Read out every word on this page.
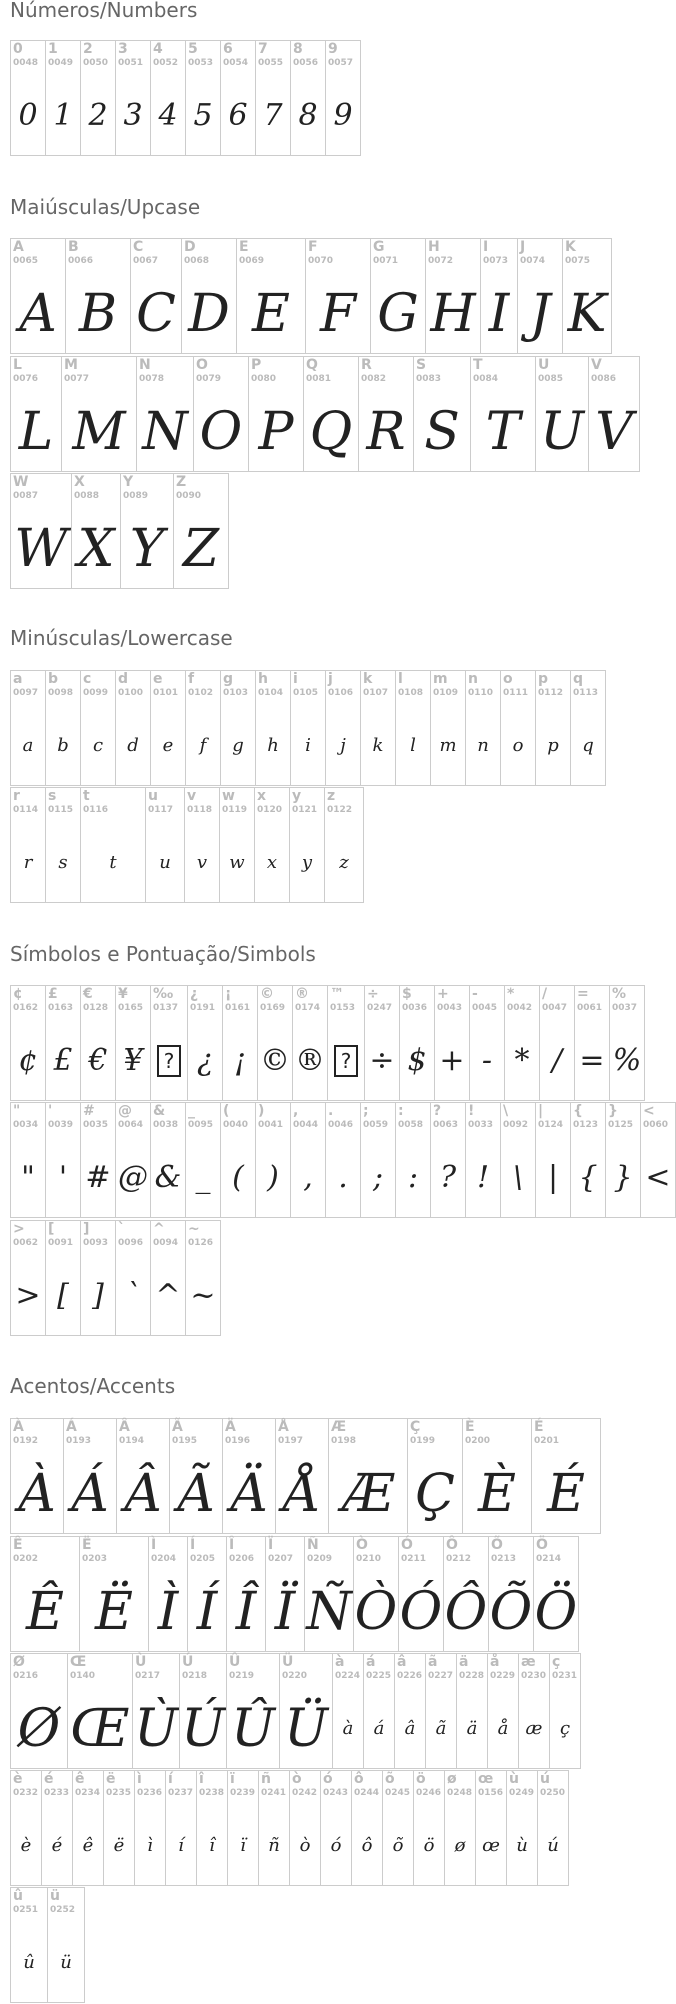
Números/Numbers
0
0048
0
1
0049
1
2
0050
2
3
0051
3
4
0052
4
5
0053
5
6
0054
6
7
0055
7
8
0056
8
9
0057
9
Maiúsculas/Upcase
A
0065
A
B
0066
B
C
0067
C
D
0068
D
E
0069
E
F
0070
F
G
0071
G
H
0072
H
I
0073
I
J
0074
J
K
0075
K
L
0076
L
M
0077
M
N
0078
N
O
0079
O
P
0080
P
Q
0081
Q
R
0082
R
S
0083
S
T
0084
T
U
0085
U
V
0086
V
W
0087
W
X
0088
X
Y
0089
Y
Z
0090
Z
Minúsculas/Lowercase
a
0097
a
b
0098
b
c
0099
c
d
0100
d
e
0101
e
f
0102
f
g
0103
g
h
0104
h
i
0105
i
j
0106
j
k
0107
k
l
0108
l
m
0109
m
n
0110
n
o
0111
o
p
0112
p
q
0113
q
r
0114
r
s
0115
s
t
0116
t
u
0117
u
v
0118
v
w
0119
w
x
0120
x
y
0121
y
z
0122
z
Símbolos e Pontuação/Simbols
¢
0162
¢
£
0163
£
€
0128
€
¥
0165
¥
‰
0137
?
¿
0191
¿
¡
0161
¡
©
0169
©
®
0174
®
™
0153
?
÷
0247
÷
$
0036
$
+
0043
+
-
0045
-
*
0042
*
/
0047
/
=
0061
=
%
0037
%
"
0034
"
'
0039
'
#
0035
#
@
0064
@
&
0038
&
_
0095
_
(
0040
(
)
0041
)
,
0044
,
.
0046
.
;
0059
;
:
0058
:
?
0063
?
!
0033
!
\
0092
\
|
0124
|
{
0123
{
}
0125
}
<
0060
<
>
0062
>
[
0091
[
]
0093
]
`
0096
`
^
0094
^
~
0126
~
Acentos/Accents
À
0192
À
Á
0193
Á
Â
0194
Â
Ã
0195
Ã
Ä
0196
Ä
Å
0197
Å
Æ
0198
Æ
Ç
0199
Ç
È
0200
È
É
0201
É
Ê
0202
Ê
Ë
0203
Ë
Ì
0204
Ì
Í
0205
Í
Î
0206
Î
Ï
0207
Ï
Ñ
0209
Ñ
Ò
0210
Ò
Ó
0211
Ó
Ô
0212
Ô
Õ
0213
Õ
Ö
0214
Ö
Ø
0216
Ø
Œ
0140
Œ
Ù
0217
Ù
Ú
0218
Ú
Û
0219
Û
Ü
0220
Ü
à
0224
à
á
0225
á
â
0226
â
ã
0227
ã
ä
0228
ä
å
0229
å
æ
0230
æ
ç
0231
ç
è
0232
è
é
0233
é
ê
0234
ê
ë
0235
ë
ì
0236
ì
í
0237
í
î
0238
î
ï
0239
ï
ñ
0241
ñ
ò
0242
ò
ó
0243
ó
ô
0244
ô
õ
0245
õ
ö
0246
ö
ø
0248
ø
œ
0156
œ
ù
0249
ù
ú
0250
ú
û
0251
û
ü
0252
ü
